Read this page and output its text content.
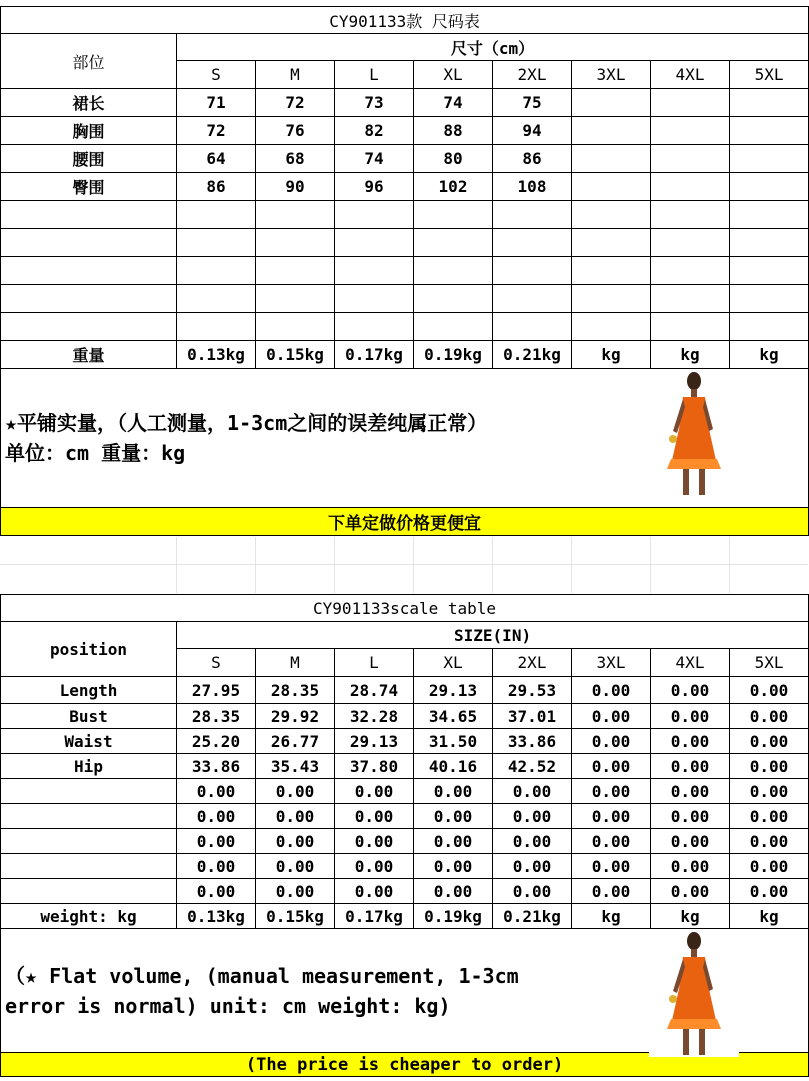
CY901133款 尺码表								
部位	尺寸（cm）							
	S	M	L	XL	2XL	3XL	4XL	5XL
裙长	71	72	73	74	75			
胸围	72	76	82	88	94			
腰围	64	68	74	80	86			
臀围	86	90	96	102	108			

重量	0.13kg	0.15kg	0.17kg	0.19kg	0.21kg	kg	kg	kg

★平铺实量，（人工测量，1-3cm之间的误差纯属正常）
单位：cm 重量：kg								

下单定做价格更便宜								
CY901133scale table								
position	SIZE(IN)							
	S	M	L	XL	2XL	3XL	4XL	5XL
Length	27.95	28.35	28.74	29.13	29.53	0.00	0.00	0.00
Bust	28.35	29.92	32.28	34.65	37.01	0.00	0.00	0.00
Waist	25.20	26.77	29.13	31.50	33.86	0.00	0.00	0.00
Hip	33.86	35.43	37.80	40.16	42.52	0.00	0.00	0.00
	0.00	0.00	0.00	0.00	0.00	0.00	0.00	0.00
	0.00	0.00	0.00	0.00	0.00	0.00	0.00	0.00
	0.00	0.00	0.00	0.00	0.00	0.00	0.00	0.00
	0.00	0.00	0.00	0.00	0.00	0.00	0.00	0.00
	0.00	0.00	0.00	0.00	0.00	0.00	0.00	0.00
weight: kg	0.13kg	0.15kg	0.17kg	0.19kg	0.21kg	kg	kg	kg

（★ Flat volume, (manual measurement, 1-3cm
error is normal) unit: cm weight: kg)								

(The price is cheaper to order)								
